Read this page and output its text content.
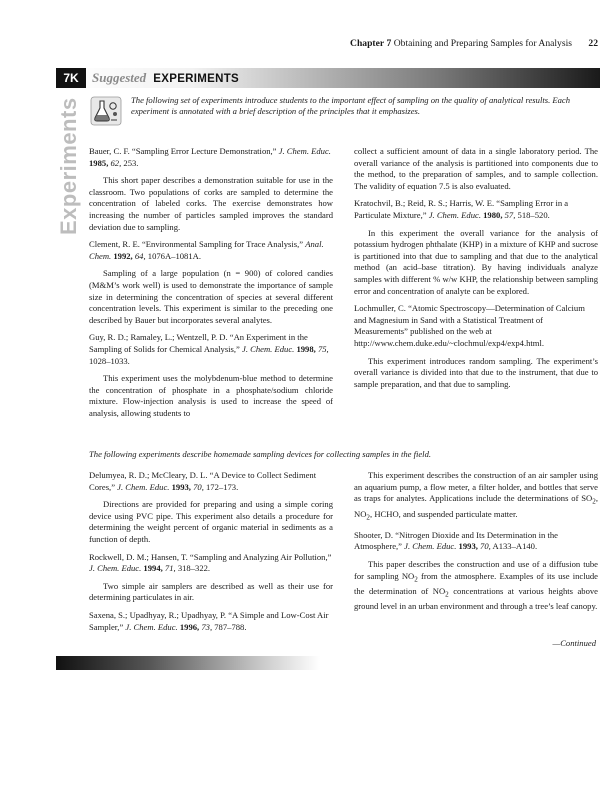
Chapter 7 Obtaining and Preparing Samples for Analysis 22
7K	Suggested EXPERIMENTS
Experiments	The following set of experiments introduce students to the important effect of sampling on the quality of analytical results. Each experiment is annotated with a brief description of the principles that it emphasizes.

Bauer, C. F. “Sampling Error Lecture Demonstration,” J. Chem. Educ. 1985, 62, 253.

This short paper describes a demonstration suitable for use in the classroom. Two populations of corks are sampled to determine the concentration of labeled corks. The exercise demonstrates how increasing the number of particles sampled improves the standard deviation due to sampling.

Clement, R. E. “Environmental Sampling for Trace Analysis,” Anal. Chem. 1992, 64, 1076A–1081A.

Sampling of a large population (n = 900) of colored candies (M&M’s work well) is used to demonstrate the importance of sample size in determining the concentration of species at several different concentration levels. This experiment is similar to the preceding one described by Bauer but incorporates several analytes.

Guy, R. D.; Ramaley, L.; Wentzell, P. D. “An Experiment in the Sampling of Solids for Chemical Analysis,” J. Chem. Educ. 1998, 75, 1028–1033.

This experiment uses the molybdenum-blue method to determine the concentration of phosphate in a phosphate/sodium chloride mixture. Flow-injection analysis is used to increase the speed of analysis, allowing students to

collect a sufficient amount of data in a single laboratory period. The overall variance of the analysis is partitioned into components due to the method, to the preparation of samples, and to sample collection. The validity of equation 7.5 is also evaluated.

Kratochvil, B.; Reid, R. S.; Harris, W. E. “Sampling Error in a Particulate Mixture,” J. Chem. Educ. 1980, 57, 518–520.

In this experiment the overall variance for the analysis of potassium hydrogen phthalate (KHP) in a mixture of KHP and sucrose is partitioned into that due to sampling and that due to the analytical method (an acid–base titration). By having individuals analyze samples with different % w/w KHP, the relationship between sampling error and concentration of analyte can be explored.

Lochmuller, C. “Atomic Spectroscopy—Determination of Calcium and Magnesium in Sand with a Statistical Treatment of Measurements” published on the web at http://www.chem.duke.edu/~clochmul/exp4/exp4.html.

This experiment introduces random sampling. The experiment’s overall variance is divided into that due to the instrument, that due to sample preparation, and that due to sampling.

The following experiments describe homemade sampling devices for collecting samples in the field.

Delumyea, R. D.; McCleary, D. L. “A Device to Collect Sediment Cores,” J. Chem. Educ. 1993, 70, 172–173.

Directions are provided for preparing and using a simple coring device using PVC pipe. This experiment also details a procedure for determining the weight percent of organic material in sediments as a function of depth.

Rockwell, D. M.; Hansen, T. “Sampling and Analyzing Air Pollution,” J. Chem. Educ. 1994, 71, 318–322.

Two simple air samplers are described as well as their use for determining particulates in air.

Saxena, S.; Upadhyay, R.; Upadhyay, P. “A Simple and Low-Cost Air Sampler,” J. Chem. Educ. 1996, 73, 787–788.

This experiment describes the construction of an air sampler using an aquarium pump, a flow meter, a filter holder, and bottles that serve as traps for analytes. Applications include the determinations of $SO_2$, $NO_2$, HCHO, and suspended particulate matter.

Shooter, D. “Nitrogen Dioxide and Its Determination in the Atmosphere,” J. Chem. Educ. 1993, 70, A133–A140.

This paper describes the construction and use of a diffusion tube for sampling $NO_2$ from the atmosphere. Examples of its use include the determination of $NO_2$ concentrations at various heights above ground level in an urban environment and through a tree’s leaf canopy.

—Continued
